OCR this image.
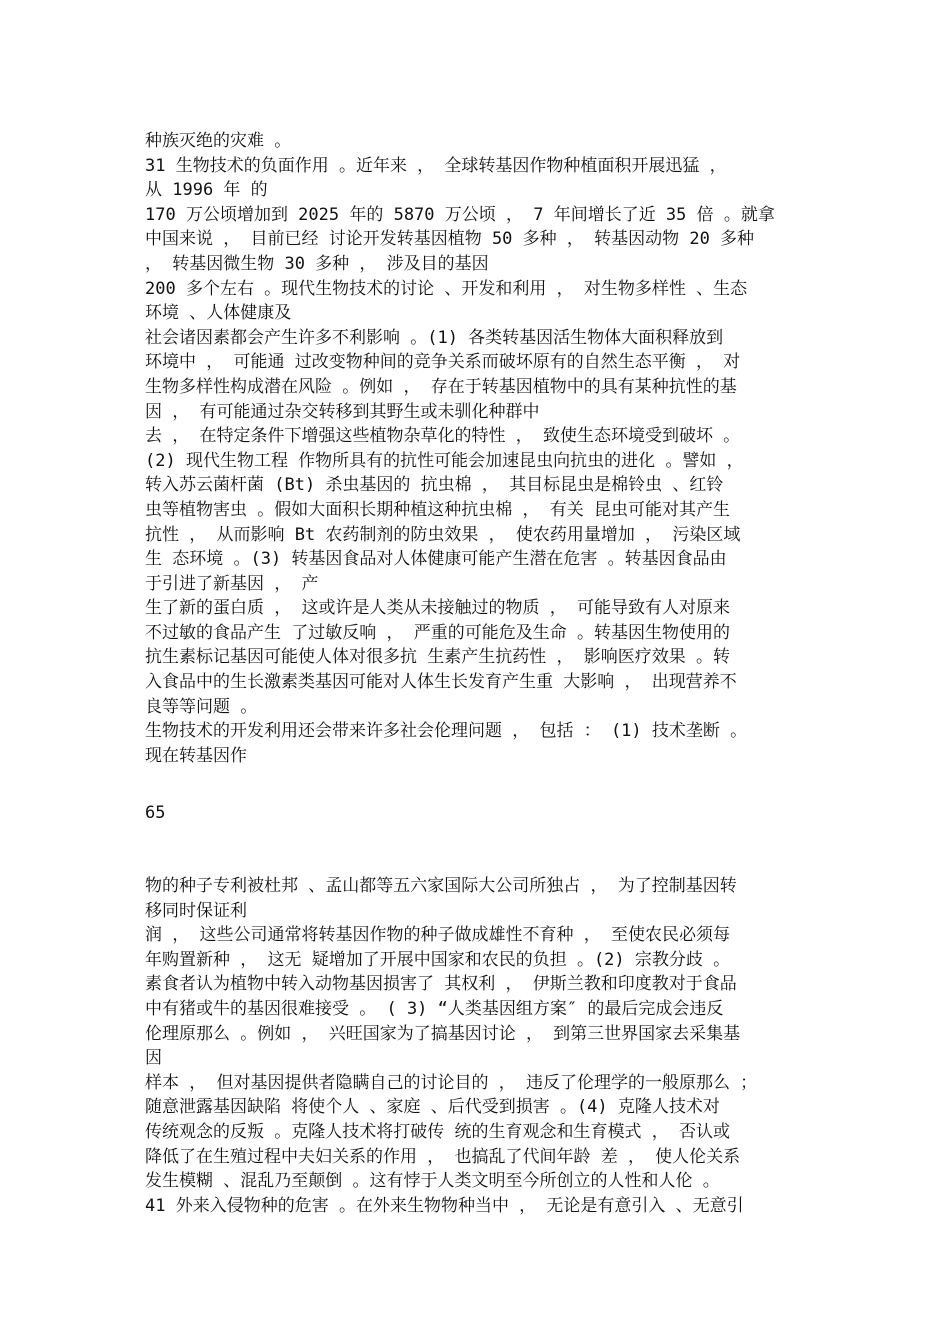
种族灭绝的灾难 。
31 生物技术的负面作用 。近年来 ， 全球转基因作物种植面积开展迅猛 ，
从 1996 年 的
170 万公顷增加到 2025 年的 5870 万公顷 ， 7 年间增长了近 35 倍 。就拿
中国来说 ， 目前已经 讨论开发转基因植物 50 多种 ， 转基因动物 20 多种
， 转基因微生物 30 多种 ， 涉及目的基因
200 多个左右 。现代生物技术的讨论 、开发和利用 ， 对生物多样性 、生态
环境 、人体健康及
社会诸因素都会产生许多不利影响 。(1) 各类转基因活生物体大面积释放到
环境中 ， 可能通 过改变物种间的竞争关系而破坏原有的自然生态平衡 ， 对
生物多样性构成潜在风险 。例如 ， 存在于转基因植物中的具有某种抗性的基
因 ， 有可能通过杂交转移到其野生或未驯化种群中
去 ， 在特定条件下增强这些植物杂草化的特性 ， 致使生态环境受到破坏 。
(2) 现代生物工程 作物所具有的抗性可能会加速昆虫向抗虫的进化 。譬如 ，
转入苏云菌杆菌 (Bt) 杀虫基因的 抗虫棉 ， 其目标昆虫是棉铃虫 、红铃
虫等植物害虫 。假如大面积长期种植这种抗虫棉 ， 有关 昆虫可能对其产生
抗性 ， 从而影响 Bt 农药制剂的防虫效果 ， 使农药用量增加 ， 污染区域
生 态环境 。(3) 转基因食品对人体健康可能产生潜在危害 。转基因食品由
于引进了新基因 ， 产
生了新的蛋白质 ， 这或许是人类从未接触过的物质 ， 可能导致有人对原来
不过敏的食品产生 了过敏反响 ， 严重的可能危及生命 。转基因生物使用的
抗生素标记基因可能使人体对很多抗 生素产生抗药性 ， 影响医疗效果 。转
入食品中的生长激素类基因可能对人体生长发育产生重 大影响 ， 出现营养不
良等等问题 。
生物技术的开发利用还会带来许多社会伦理问题 ， 包括 ： (1) 技术垄断 。
现在转基因作
65
物的种子专利被杜邦 、孟山都等五六家国际大公司所独占 ， 为了控制基因转
移同时保证利
润 ， 这些公司通常将转基因作物的种子做成雄性不育种 ， 至使农民必须每
年购置新种 ， 这无 疑增加了开展中国家和农民的负担 。(2) 宗教分歧 。
素食者认为植物中转入动物基因损害了 其权利 ， 伊斯兰教和印度教对于食品
中有猪或牛的基因很难接受 。 ( 3) “人类基因组方案″ 的最后完成会违反
伦理原那么 。例如 ， 兴旺国家为了搞基因讨论 ， 到第三世界国家去采集基
因
样本 ， 但对基因提供者隐瞒自己的讨论目的 ， 违反了伦理学的一般原那么 ；
随意泄露基因缺陷 将使个人 、家庭 、后代受到损害 。(4) 克隆人技术对
传统观念的反叛 。克隆人技术将打破传 统的生育观念和生育模式 ， 否认或
降低了在生殖过程中夫妇关系的作用 ， 也搞乱了代间年龄 差 ， 使人伦关系
发生模糊 、混乱乃至颠倒 。这有悖于人类文明至今所创立的人性和人伦 。
41 外来入侵物种的危害 。在外来生物物种当中 ， 无论是有意引入 、无意引
